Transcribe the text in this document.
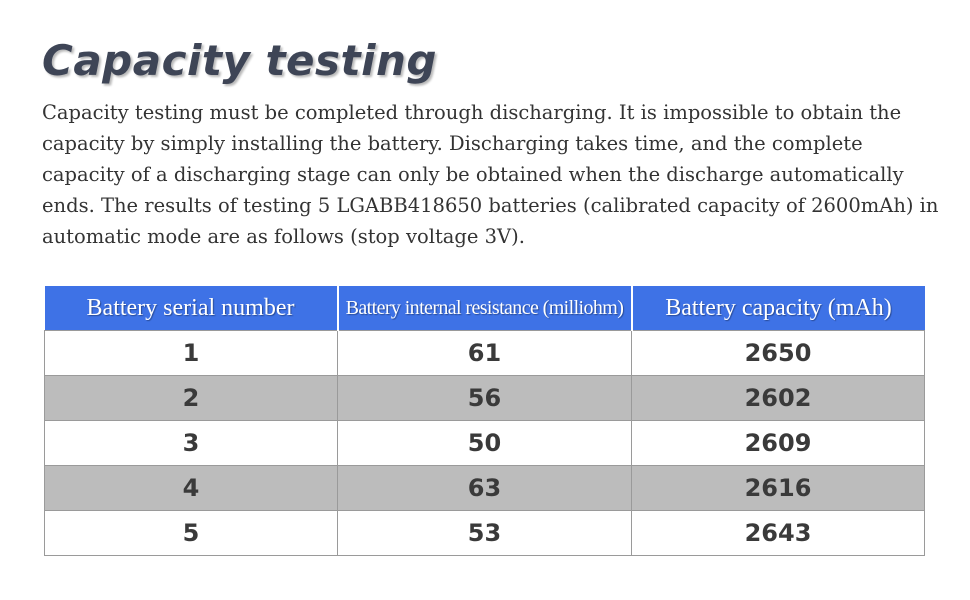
Capacity testing
Capacity testing must be completed through discharging. It is impossible to obtain the capacity by simply installing the battery. Discharging takes time, and the complete capacity of a discharging stage can only be obtained when the discharge automatically ends. The results of testing 5 LGABB418650 batteries (calibrated capacity of 2600mAh) in automatic mode are as follows (stop voltage 3V).
Battery serial number	Battery internal resistance (milliohm)	Battery capacity (mAh)
1	61	2650
2	56	2602
3	50	2609
4	63	2616
5	53	2643
